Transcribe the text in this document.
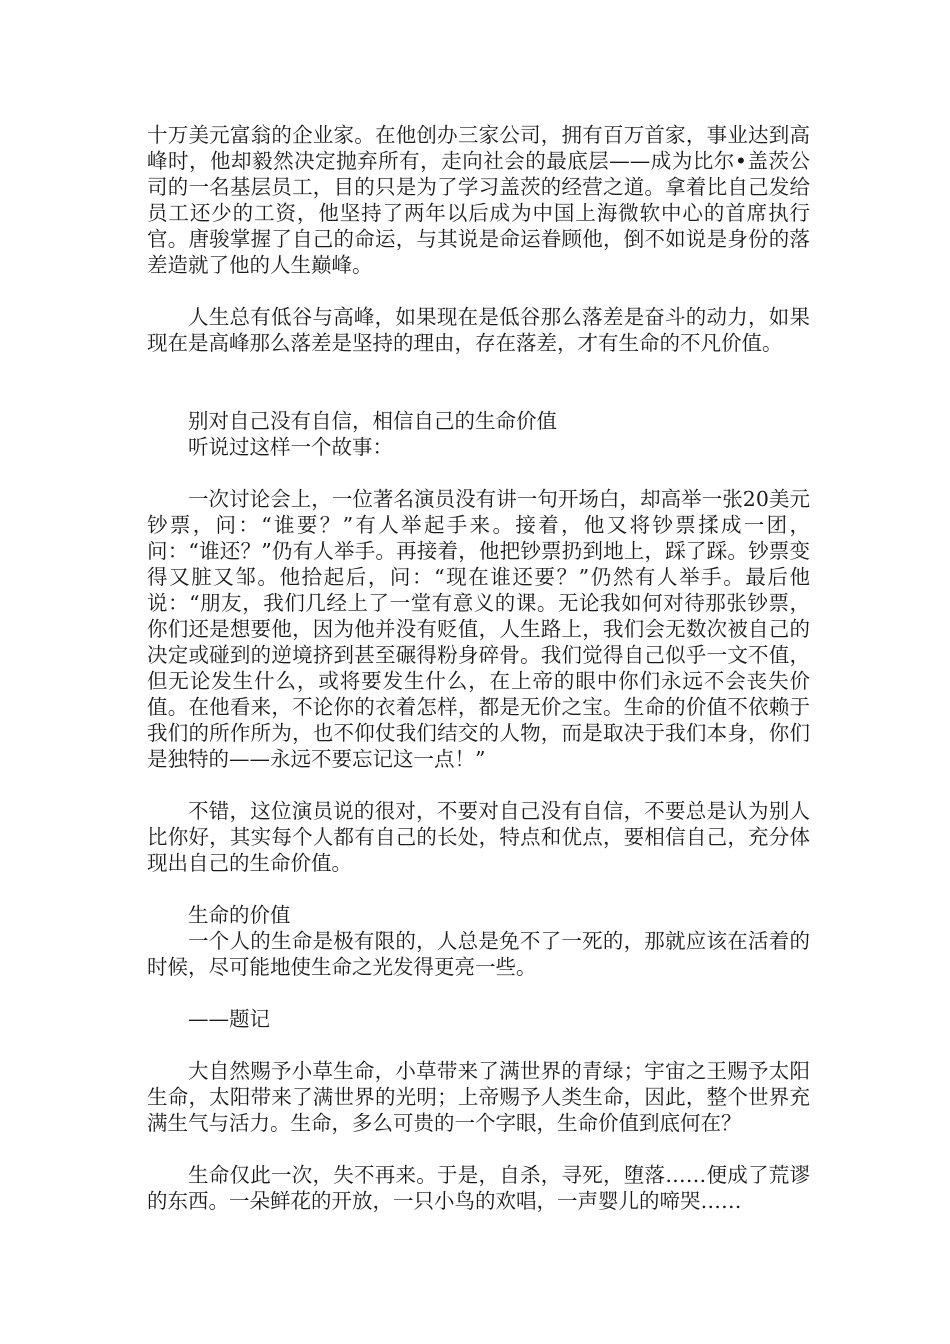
十万美元富翁的企业家。在他创办三家公司，拥有百万首家，事业达到高峰时，他却毅然决定抛弃所有，走向社会的最底层——成为比尔•盖茨公司的一名基层员工，目的只是为了学习盖茨的经营之道。拿着比自己发给员工还少的工资，他坚持了两年以后成为中国上海微软中心的首席执行官。唐骏掌握了自己的命运，与其说是命运眷顾他，倒不如说是身份的落差造就了他的人生巅峰。

人生总有低谷与高峰，如果现在是低谷那么落差是奋斗的动力，如果现在是高峰那么落差是坚持的理由，存在落差，才有生命的不凡价值。

别对自己没有自信，相信自己的生命价值

听说过这样一个故事：

一次讨论会上，一位著名演员没有讲一句开场白，却高举一张20美元钞票，问：“谁要？”有人举起手来。接着，他又将钞票揉成一团，问：“谁还？”仍有人举手。再接着，他把钞票扔到地上，踩了踩。钞票变得又脏又邹。他拾起后，问：“现在谁还要？”仍然有人举手。最后他说：“朋友，我们几经上了一堂有意义的课。无论我如何对待那张钞票，你们还是想要他，因为他并没有贬值，人生路上，我们会无数次被自己的决定或碰到的逆境挤到甚至碾得粉身碎骨。我们觉得自己似乎一文不值，但无论发生什么，或将要发生什么，在上帝的眼中你们永远不会丧失价值。在他看来，不论你的衣着怎样，都是无价之宝。生命的价值不依赖于我们的所作所为，也不仰仗我们结交的人物，而是取决于我们本身，你们是独特的——永远不要忘记这一点！”

不错，这位演员说的很对，不要对自己没有自信，不要总是认为别人比你好，其实每个人都有自己的长处，特点和优点，要相信自己，充分体现出自己的生命价值。

生命的价值

一个人的生命是极有限的，人总是免不了一死的，那就应该在活着的时候，尽可能地使生命之光发得更亮一些。

——题记

大自然赐予小草生命，小草带来了满世界的青绿；宇宙之王赐予太阳生命，太阳带来了满世界的光明；上帝赐予人类生命，因此，整个世界充满生气与活力。生命，多么可贵的一个字眼，生命价值到底何在？

生命仅此一次，失不再来。于是，自杀，寻死，堕落……便成了荒谬的东西。一朵鲜花的开放，一只小鸟的欢唱，一声婴儿的啼哭……
